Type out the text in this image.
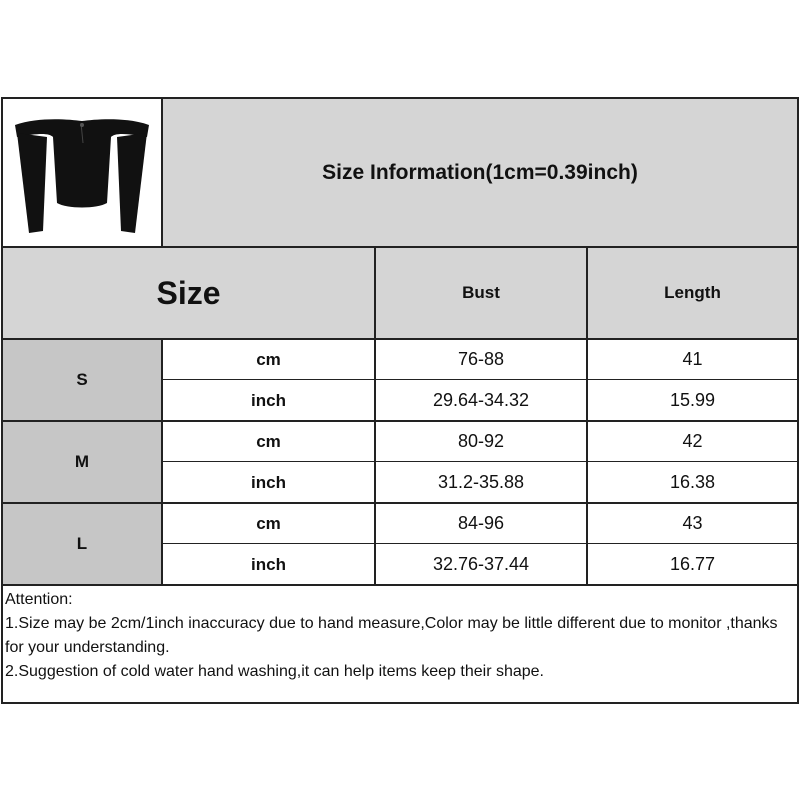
Size Information(1cm=0.39inch)
Size	Bust	Length
S
cm	76-88	41
inch	29.64-34.32	15.99
M
cm	80-92	42
inch	31.2-35.88	16.38
L
cm	84-96	43
inch	32.76-37.44	16.77
Attention:
1.Size may be 2cm/1inch inaccuracy due to hand measure,Color may be little different due to monitor ,thanks for your understanding.
2.Suggestion of cold water hand washing,it can help items keep their shape.
